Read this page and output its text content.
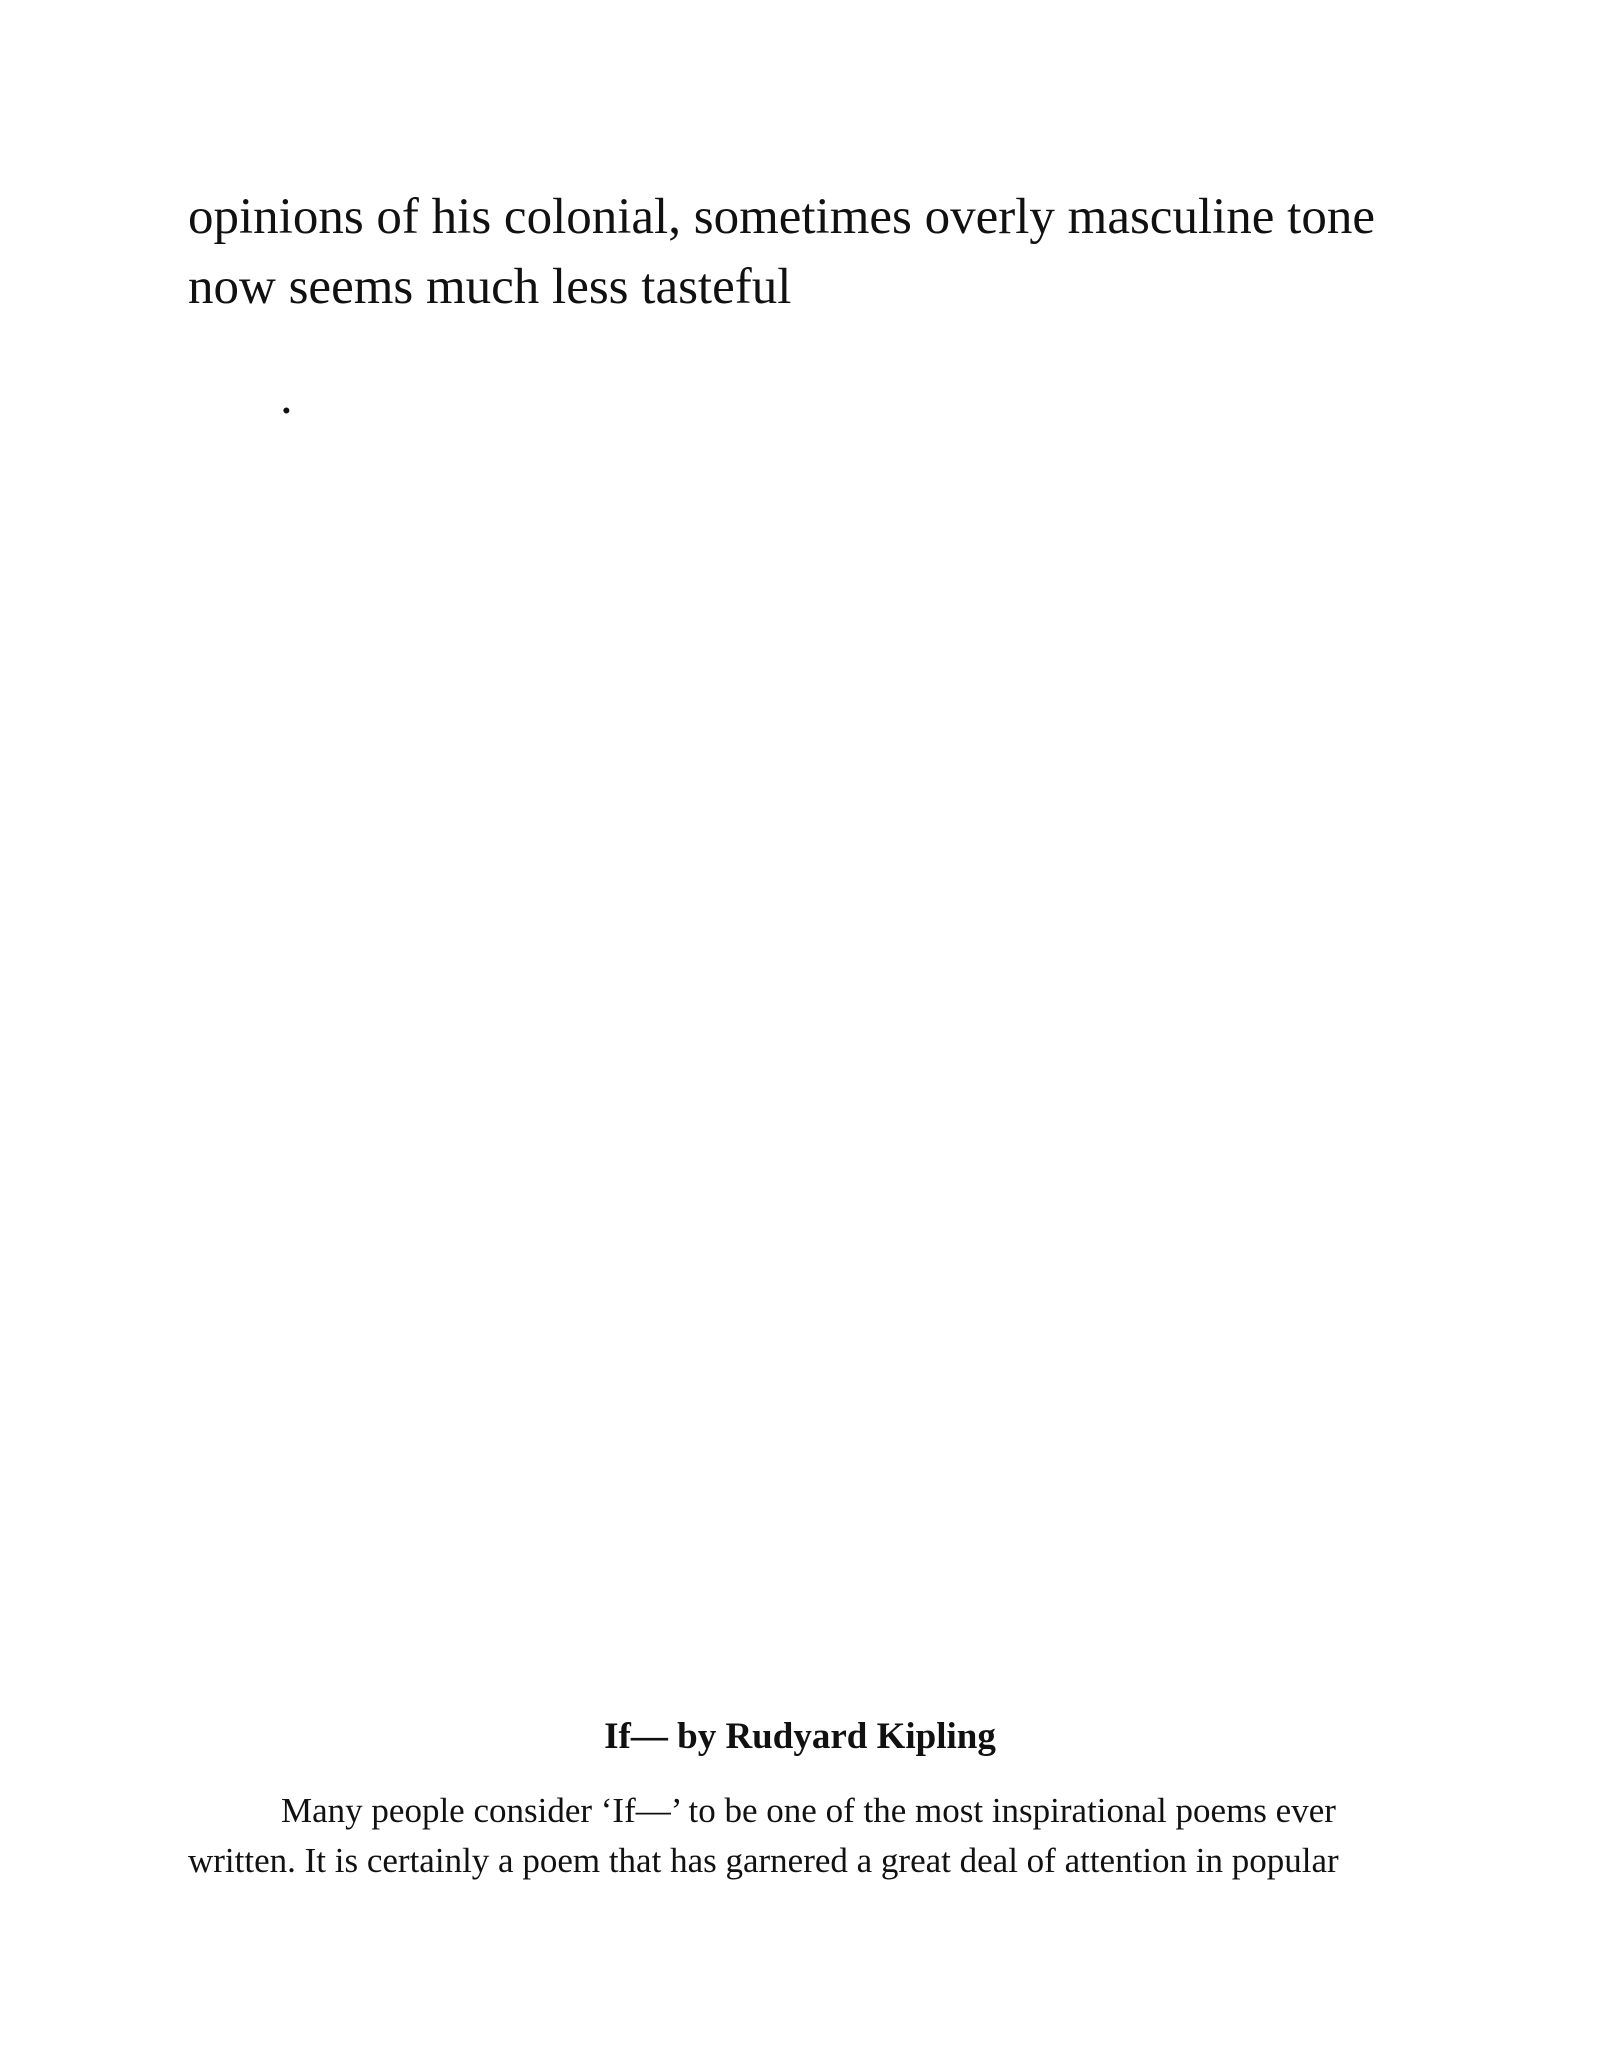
opinions of his colonial, sometimes overly masculine tone
now seems much less tasteful

.

If— by Rudyard Kipling

Many people consider ‘If—’ to be one of the most inspirational poems ever
written. It is certainly a poem that has garnered a great deal of attention in popular
